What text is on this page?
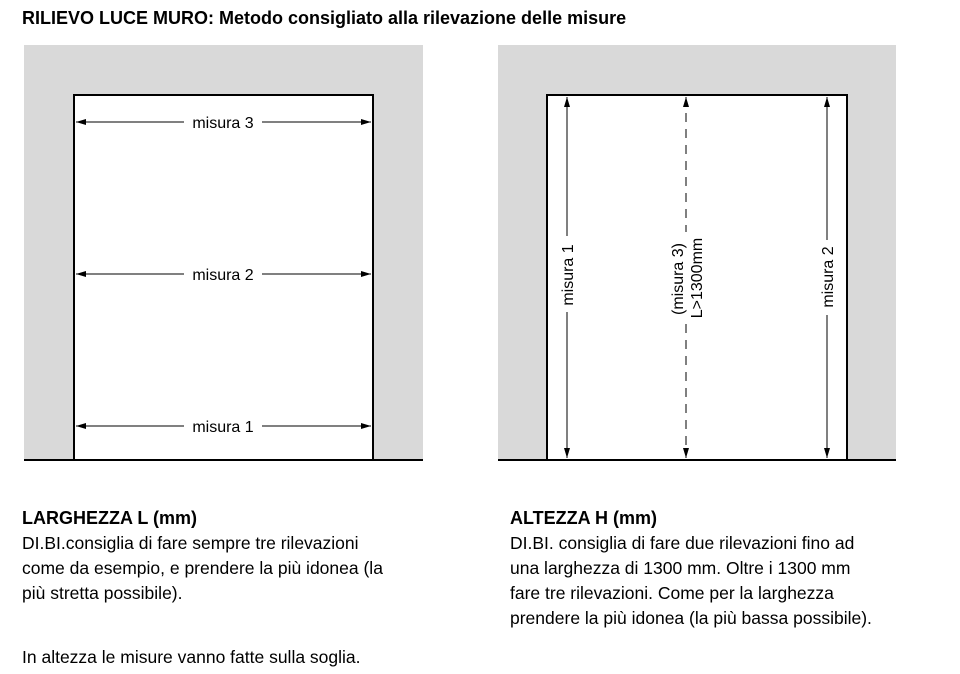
RILIEVO LUCE MURO: Metodo consigliato alla rilevazione delle misure
misura 3
misura 2
misura 1
misura 1	(misura 3) L>1300mm	misura 2
LARGHEZZA L (mm)
DI.BI.consiglia di fare sempre tre rilevazioni
come da esempio, e prendere la più idonea (la
più stretta possibile).
In altezza le misure vanno fatte sulla soglia.
ALTEZZA H (mm)
DI.BI. consiglia di fare due rilevazioni fino ad
una larghezza di 1300 mm. Oltre i 1300 mm
fare tre rilevazioni. Come per la larghezza
prendere la più idonea (la più bassa possibile).
